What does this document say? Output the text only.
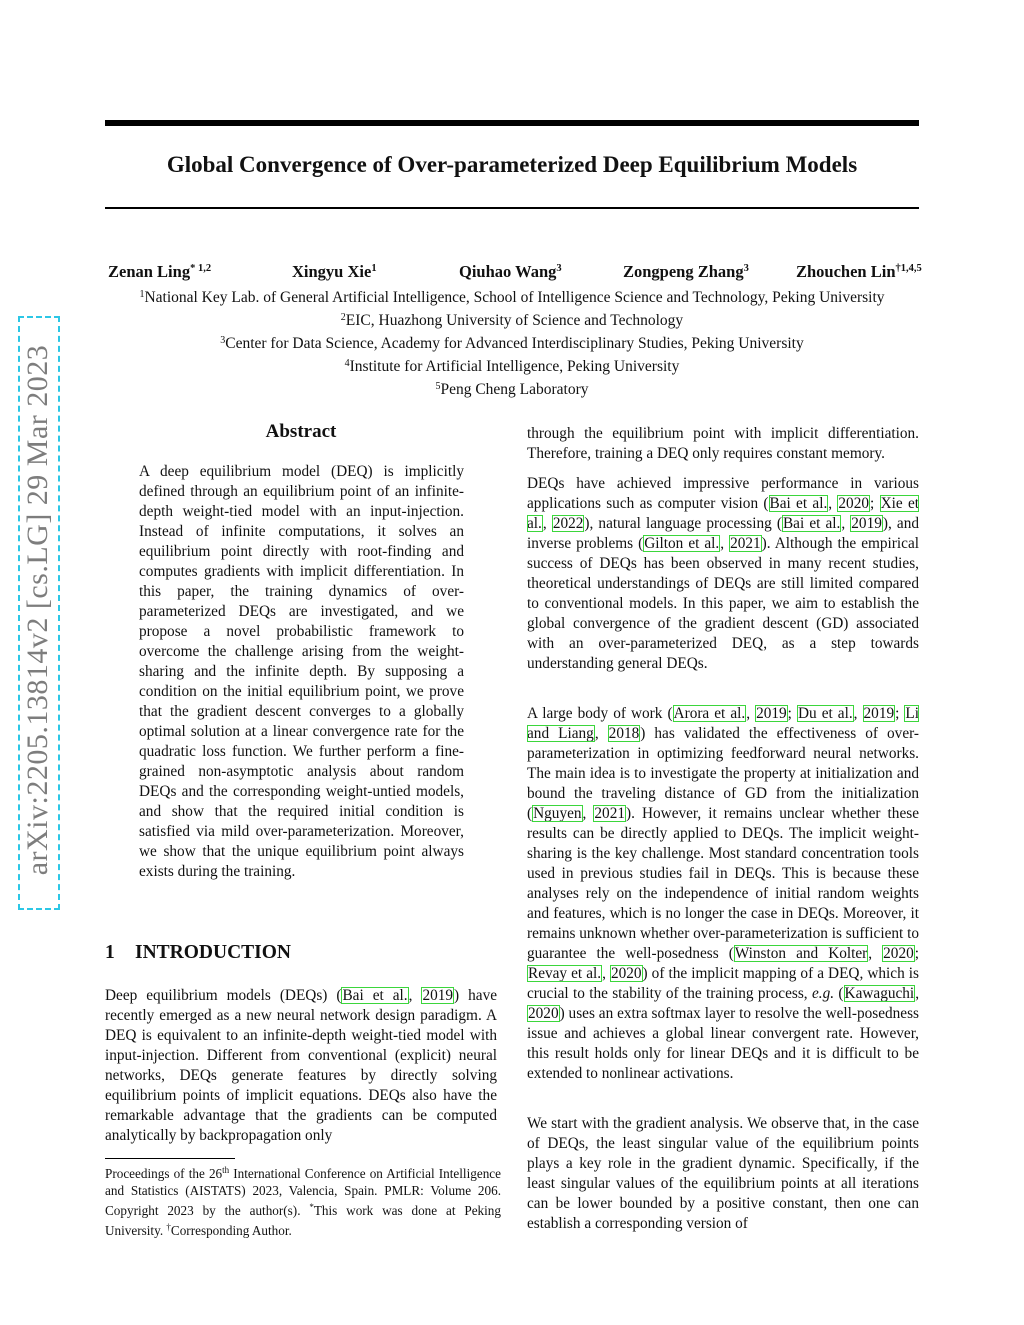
Global Convergence of Over-parameterized Deep Equilibrium Models
Zenan Ling$^{* 1,2}$	Xingyu Xie$^1$	Qiuhao Wang$^3$	Zongpeng Zhang$^3$	Zhouchen Lin$^{\dagger 1,4,5}$
$^1$National Key Lab. of General Artificial Intelligence, School of Intelligence Science and Technology, Peking University
$^2$EIC, Huazhong University of Science and Technology
$^3$Center for Data Science, Academy for Advanced Interdisciplinary Studies, Peking University
$^4$Institute for Artificial Intelligence, Peking University
$^5$Peng Cheng Laboratory
arXiv:2205.13814v2 [cs.LG] 29 Mar 2023	Abstract

A deep equilibrium model (DEQ) is implicitly defined through an equilibrium point of an infinite-depth weight-tied model with an input-injection. Instead of infinite computations, it solves an equilibrium point directly with root-finding and computes gradients with implicit differentiation. In this paper, the training dynamics of over-parameterized DEQs are investigated, and we propose a novel probabilistic framework to overcome the challenge arising from the weight-sharing and the infinite depth. By supposing a condition on the initial equilibrium point, we prove that the gradient descent converges to a globally optimal solution at a linear convergence rate for the quadratic loss function. We further perform a fine-grained non-asymptotic analysis about random DEQs and the corresponding weight-untied models, and show that the required initial condition is satisfied via mild over-parameterization. Moreover, we show that the unique equilibrium point always exists during the training.

1 INTRODUCTION

Deep equilibrium models (DEQs) (Bai et al., 2019) have recently emerged as a new neural network design paradigm. A DEQ is equivalent to an infinite-depth weight-tied model with input-injection. Different from conventional (explicit) neural networks, DEQs generate features by directly solving equilibrium points of implicit equations. DEQs also have the remarkable advantage that the gradients can be computed analytically by backpropagation only

Proceedings of the 26th International Conference on Artificial Intelligence and Statistics (AISTATS) 2023, Valencia, Spain. PMLR: Volume 206. Copyright 2023 by the author(s). *This work was done at Peking University. †Corresponding Author.

through the equilibrium point with implicit differentiation. Therefore, training a DEQ only requires constant memory.

DEQs have achieved impressive performance in various applications such as computer vision (Bai et al., 2020; Xie et al., 2022), natural language processing (Bai et al., 2019), and inverse problems (Gilton et al., 2021). Although the empirical success of DEQs has been observed in many recent studies, theoretical understandings of DEQs are still limited compared to conventional models. In this paper, we aim to establish the global convergence of the gradient descent (GD) associated with an over-parameterized DEQ, as a step towards understanding general DEQs.

A large body of work (Arora et al., 2019; Du et al., 2019; Li and Liang, 2018) has validated the effectiveness of over-parameterization in optimizing feedforward neural networks. The main idea is to investigate the property at initialization and bound the traveling distance of GD from the initialization (Nguyen, 2021). However, it remains unclear whether these results can be directly applied to DEQs. The implicit weight-sharing is the key challenge. Most standard concentration tools used in previous studies fail in DEQs. This is because these analyses rely on the independence of initial random weights and features, which is no longer the case in DEQs. Moreover, it remains unknown whether over-parameterization is sufficient to guarantee the well-posedness (Winston and Kolter, 2020; Revay et al., 2020) of the implicit mapping of a DEQ, which is crucial to the stability of the training process, e.g. (Kawaguchi, 2020) uses an extra softmax layer to resolve the well-posedness issue and achieves a global linear convergent rate. However, this result holds only for linear DEQs and it is difficult to be extended to nonlinear activations.

We start with the gradient analysis. We observe that, in the case of DEQs, the least singular value of the equilibrium points plays a key role in the gradient dynamic. Specifically, if the least singular values of the equilibrium points at all iterations can be lower bounded by a positive constant, then one can establish a corresponding version of
